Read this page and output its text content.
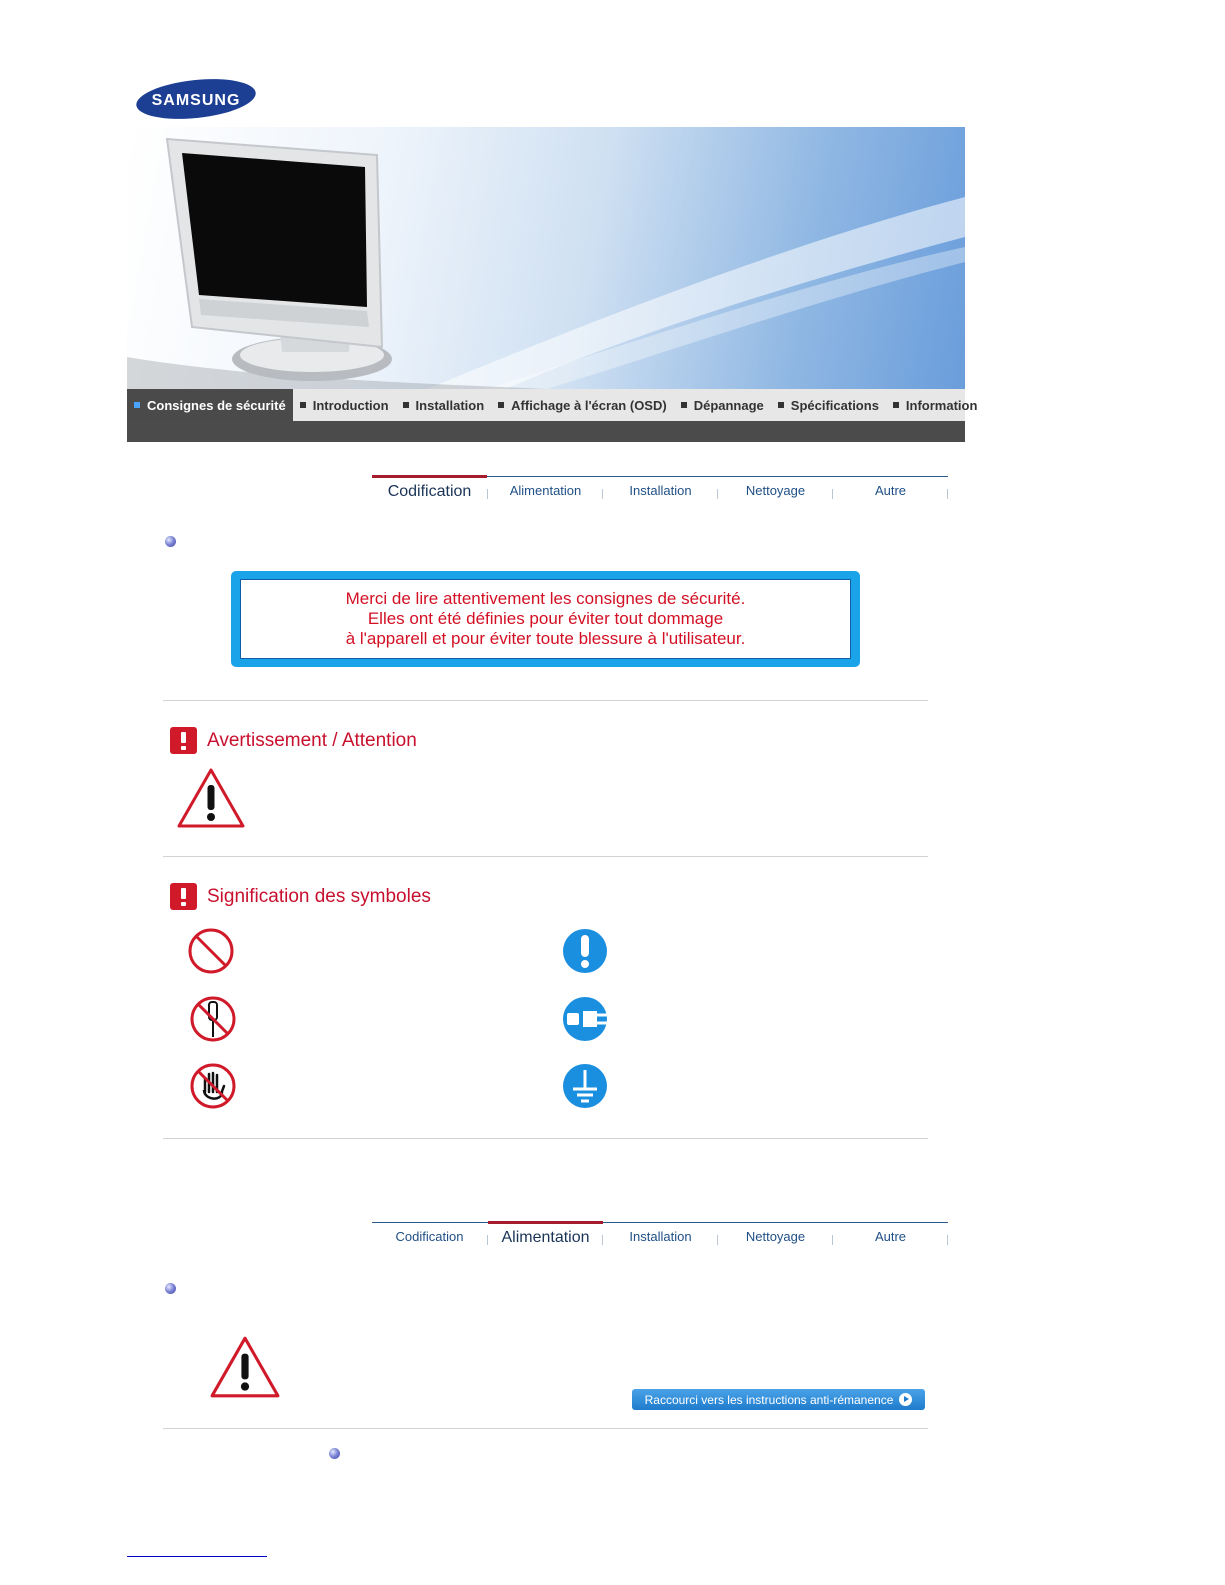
SAMSUNG
Consignes de sécurité Introduction Installation Affichage à l'écran (OSD) Dépannage Spécifications Information
Codification	Alimentation	Installation	Nettoyage	Autre
Merci de lire attentivement les consignes de sécurité.
Elles ont été définies pour éviter tout dommage
à l'apparell et pour éviter toute blessure à l'utilisateur.
Avertissement / Attention
Signification des symboles
Codification	Alimentation	Installation	Nettoyage	Autre
Raccourci vers les instructions anti-rémanence
